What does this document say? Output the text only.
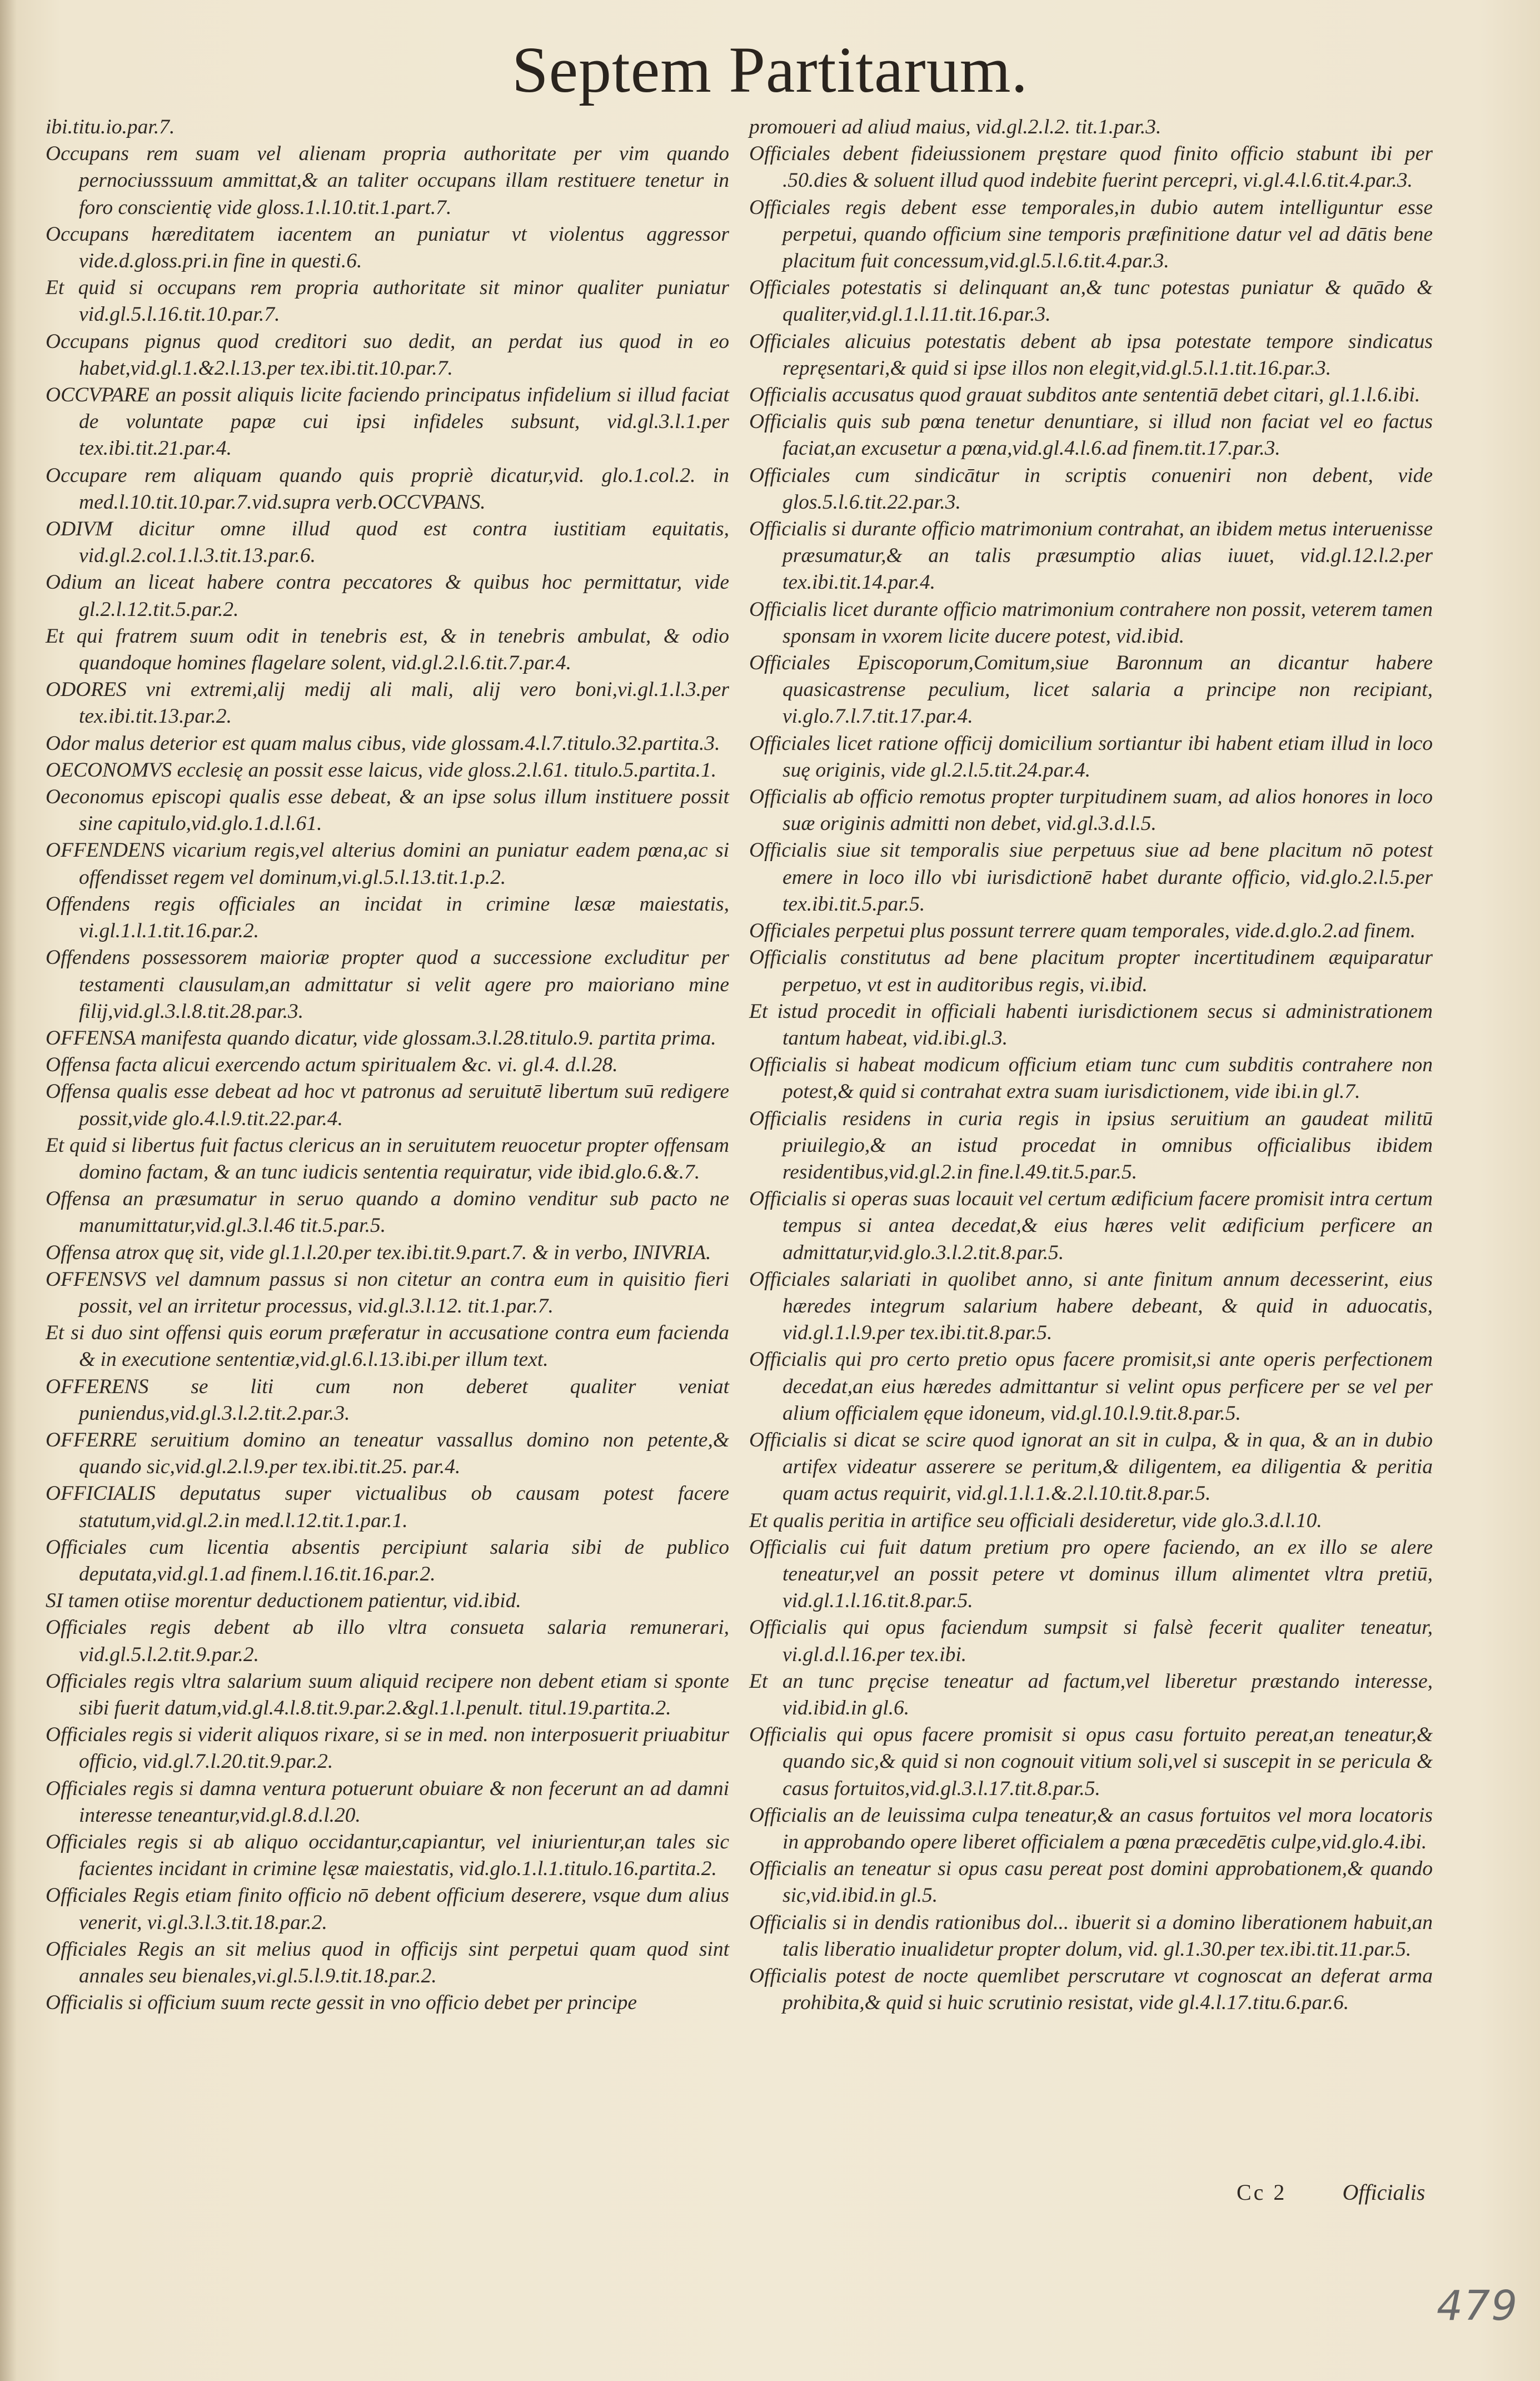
Septem Partitarum.

ibi.titu.io.par.7.

Occupans rem suam vel alienam propria authoritate per vim quando pernociusssuum ammittat,& an taliter occupans illam restituere tenetur in foro conscientię vide gloss.1.l.10.tit.1.part.7.

Occupans hæreditatem iacentem an puniatur vt violentus aggressor vide.d.gloss.pri.in fine in questi.6.

Et quid si occupans rem propria authoritate sit minor qualiter puniatur vid.gl.5.l.16.tit.10.par.7.

Occupans pignus quod creditori suo dedit, an perdat ius quod in eo habet,vid.gl.1.&2.l.13.per tex.ibi.tit.10.par.7.

OCCVPARE an possit aliquis licite faciendo principatus infidelium si illud faciat de voluntate papæ cui ipsi infideles subsunt, vid.gl.3.l.1.per tex.ibi.tit.21.par.4.

Occupare rem aliquam quando quis propriè dicatur,vid. glo.1.col.2. in med.l.10.tit.10.par.7.vid.supra verb.OCCVPANS.

ODIVM dicitur omne illud quod est contra iustitiam equitatis, vid.gl.2.col.1.l.3.tit.13.par.6.

Odium an liceat habere contra peccatores & quibus hoc permittatur, vide gl.2.l.12.tit.5.par.2.

Et qui fratrem suum odit in tenebris est, & in tenebris ambulat, & odio quandoque homines flagelare solent, vid.gl.2.l.6.tit.7.par.4.

ODORES vni extremi,alij medij ali mali, alij vero boni,vi.gl.1.l.3.per tex.ibi.tit.13.par.2.

Odor malus deterior est quam malus cibus, vide glossam.4.l.7.titulo.32.partita.3.

OECONOMVS ecclesię an possit esse laicus, vide gloss.2.l.61. titulo.5.partita.1.

Oeconomus episcopi qualis esse debeat, & an ipse solus illum instituere possit sine capitulo,vid.glo.1.d.l.61.

OFFENDENS vicarium regis,vel alterius domini an puniatur eadem pœna,ac si offendisset regem vel dominum,vi.gl.5.l.13.tit.1.p.2.

Offendens regis officiales an incidat in crimine læsæ maiestatis, vi.gl.1.l.1.tit.16.par.2.

Offendens possessorem maioriæ propter quod a successione excluditur per testamenti clausulam,an admittatur si velit agere pro maioriano mine filij,vid.gl.3.l.8.tit.28.par.3.

OFFENSA manifesta quando dicatur, vide glossam.3.l.28.titulo.9. partita prima.

Offensa facta alicui exercendo actum spiritualem &c. vi. gl.4. d.l.28.

Offensa qualis esse debeat ad hoc vt patronus ad seruitutē libertum suū redigere possit,vide glo.4.l.9.tit.22.par.4.

Et quid si libertus fuit factus clericus an in seruitutem reuocetur propter offensam domino factam, & an tunc iudicis sententia requiratur, vide ibid.glo.6.&.7.

Offensa an præsumatur in seruo quando a domino venditur sub pacto ne manumittatur,vid.gl.3.l.46 tit.5.par.5.

Offensa atrox quę sit, vide gl.1.l.20.per tex.ibi.tit.9.part.7. & in verbo, INIVRIA.

OFFENSVS vel damnum passus si non citetur an contra eum in quisitio fieri possit, vel an irritetur processus, vid.gl.3.l.12. tit.1.par.7.

Et si duo sint offensi quis eorum præferatur in accusatione contra eum facienda & in executione sententiæ,vid.gl.6.l.13.ibi.per illum text.

OFFERENS se liti cum non deberet qualiter veniat puniendus,vid.gl.3.l.2.tit.2.par.3.

OFFERRE seruitium domino an teneatur vassallus domino non petente,& quando sic,vid.gl.2.l.9.per tex.ibi.tit.25. par.4.

OFFICIALIS deputatus super victualibus ob causam potest facere statutum,vid.gl.2.in med.l.12.tit.1.par.1.

Officiales cum licentia absentis percipiunt salaria sibi de publico deputata,vid.gl.1.ad finem.l.16.tit.16.par.2.

SI tamen otiise morentur deductionem patientur, vid.ibid.

Officiales regis debent ab illo vltra consueta salaria remunerari, vid.gl.5.l.2.tit.9.par.2.

Officiales regis vltra salarium suum aliquid recipere non debent etiam si sponte sibi fuerit datum,vid.gl.4.l.8.tit.9.par.2.&gl.1.l.penult. titul.19.partita.2.

Officiales regis si viderit aliquos rixare, si se in med. non interposuerit priuabitur officio, vid.gl.7.l.20.tit.9.par.2.

Officiales regis si damna ventura potuerunt obuiare & non fecerunt an ad damni interesse teneantur,vid.gl.8.d.l.20.

Officiales regis si ab aliquo occidantur,capiantur, vel iniurientur,an tales sic facientes incidant in crimine lęsæ maiestatis, vid.glo.1.l.1.titulo.16.partita.2.

Officiales Regis etiam finito officio nō debent officium deserere, vsque dum alius venerit, vi.gl.3.l.3.tit.18.par.2.

Officiales Regis an sit melius quod in officijs sint perpetui quam quod sint annales seu bienales,vi.gl.5.l.9.tit.18.par.2.

Officialis si officium suum recte gessit in vno officio debet per principe

promoueri ad aliud maius, vid.gl.2.l.2. tit.1.par.3.

Officiales debent fideiussionem pręstare quod finito officio stabunt ibi per .50.dies & soluent illud quod indebite fuerint percepri, vi.gl.4.l.6.tit.4.par.3.

Officiales regis debent esse temporales,in dubio autem intelliguntur esse perpetui, quando officium sine temporis præfinitione datur vel ad dātis bene placitum fuit concessum,vid.gl.5.l.6.tit.4.par.3.

Officiales potestatis si delinquant an,& tunc potestas puniatur & quādo & qualiter,vid.gl.1.l.11.tit.16.par.3.

Officiales alicuius potestatis debent ab ipsa potestate tempore sindicatus repręsentari,& quid si ipse illos non elegit,vid.gl.5.l.1.tit.16.par.3.

Officialis accusatus quod grauat subditos ante sententiā debet citari, gl.1.l.6.ibi.

Officialis quis sub pœna tenetur denuntiare, si illud non faciat vel eo factus faciat,an excusetur a pœna,vid.gl.4.l.6.ad finem.tit.17.par.3.

Officiales cum sindicātur in scriptis conueniri non debent, vide glos.5.l.6.tit.22.par.3.

Officialis si durante officio matrimonium contrahat, an ibidem metus interuenisse præsumatur,& an talis præsumptio alias iuuet, vid.gl.12.l.2.per tex.ibi.tit.14.par.4.

Officialis licet durante officio matrimonium contrahere non possit, veterem tamen sponsam in vxorem licite ducere potest, vid.ibid.

Officiales Episcoporum,Comitum,siue Baronnum an dicantur habere quasicastrense peculium, licet salaria a principe non recipiant, vi.glo.7.l.7.tit.17.par.4.

Officiales licet ratione officij domicilium sortiantur ibi habent etiam illud in loco suę originis, vide gl.2.l.5.tit.24.par.4.

Officialis ab officio remotus propter turpitudinem suam, ad alios honores in loco suæ originis admitti non debet, vid.gl.3.d.l.5.

Officialis siue sit temporalis siue perpetuus siue ad bene placitum nō potest emere in loco illo vbi iurisdictionē habet durante officio, vid.glo.2.l.5.per tex.ibi.tit.5.par.5.

Officiales perpetui plus possunt terrere quam temporales, vide.d.glo.2.ad finem.

Officialis constitutus ad bene placitum propter incertitudinem æquiparatur perpetuo, vt est in auditoribus regis, vi.ibid.

Et istud procedit in officiali habenti iurisdictionem secus si administrationem tantum habeat, vid.ibi.gl.3.

Officialis si habeat modicum officium etiam tunc cum subditis contrahere non potest,& quid si contrahat extra suam iurisdictionem, vide ibi.in gl.7.

Officialis residens in curia regis in ipsius seruitium an gaudeat militū priuilegio,& an istud procedat in omnibus officialibus ibidem residentibus,vid.gl.2.in fine.l.49.tit.5.par.5.

Officialis si operas suas locauit vel certum ædificium facere promisit intra certum tempus si antea decedat,& eius hæres velit ædificium perficere an admittatur,vid.glo.3.l.2.tit.8.par.5.

Officiales salariati in quolibet anno, si ante finitum annum decesserint, eius hæredes integrum salarium habere debeant, & quid in aduocatis, vid.gl.1.l.9.per tex.ibi.tit.8.par.5.

Officialis qui pro certo pretio opus facere promisit,si ante operis perfectionem decedat,an eius hæredes admittantur si velint opus perficere per se vel per alium officialem ęque idoneum, vid.gl.10.l.9.tit.8.par.5.

Officialis si dicat se scire quod ignorat an sit in culpa, & in qua, & an in dubio artifex videatur asserere se peritum,& diligentem, ea diligentia & peritia quam actus requirit, vid.gl.1.l.1.&.2.l.10.tit.8.par.5.

Et qualis peritia in artifice seu officiali desideretur, vide glo.3.d.l.10.

Officialis cui fuit datum pretium pro opere faciendo, an ex illo se alere teneatur,vel an possit petere vt dominus illum alimentet vltra pretiū, vid.gl.1.l.16.tit.8.par.5.

Officialis qui opus faciendum sumpsit si falsè fecerit qualiter teneatur, vi.gl.d.l.16.per tex.ibi.

Et an tunc pręcise teneatur ad factum,vel liberetur præstando interesse, vid.ibid.in gl.6.

Officialis qui opus facere promisit si opus casu fortuito pereat,an teneatur,& quando sic,& quid si non cognouit vitium soli,vel si suscepit in se pericula & casus fortuitos,vid.gl.3.l.17.tit.8.par.5.

Officialis an de leuissima culpa teneatur,& an casus fortuitos vel mora locatoris in approbando opere liberet officialem a pœna præcedētis culpe,vid.glo.4.ibi.

Officialis an teneatur si opus casu pereat post domini approbationem,& quando sic,vid.ibid.in gl.5.

Officialis si in dendis rationibus dol... ibuerit si a domino liberationem habuit,an talis liberatio inualidetur propter dolum, vid. gl.1.30.per tex.ibi.tit.11.par.5.

Officialis potest de nocte quemlibet perscrutare vt cognoscat an deferat arma prohibita,& quid si huic scrutinio resistat, vide gl.4.l.17.titu.6.par.6.

Cc 2	Officialis
479
